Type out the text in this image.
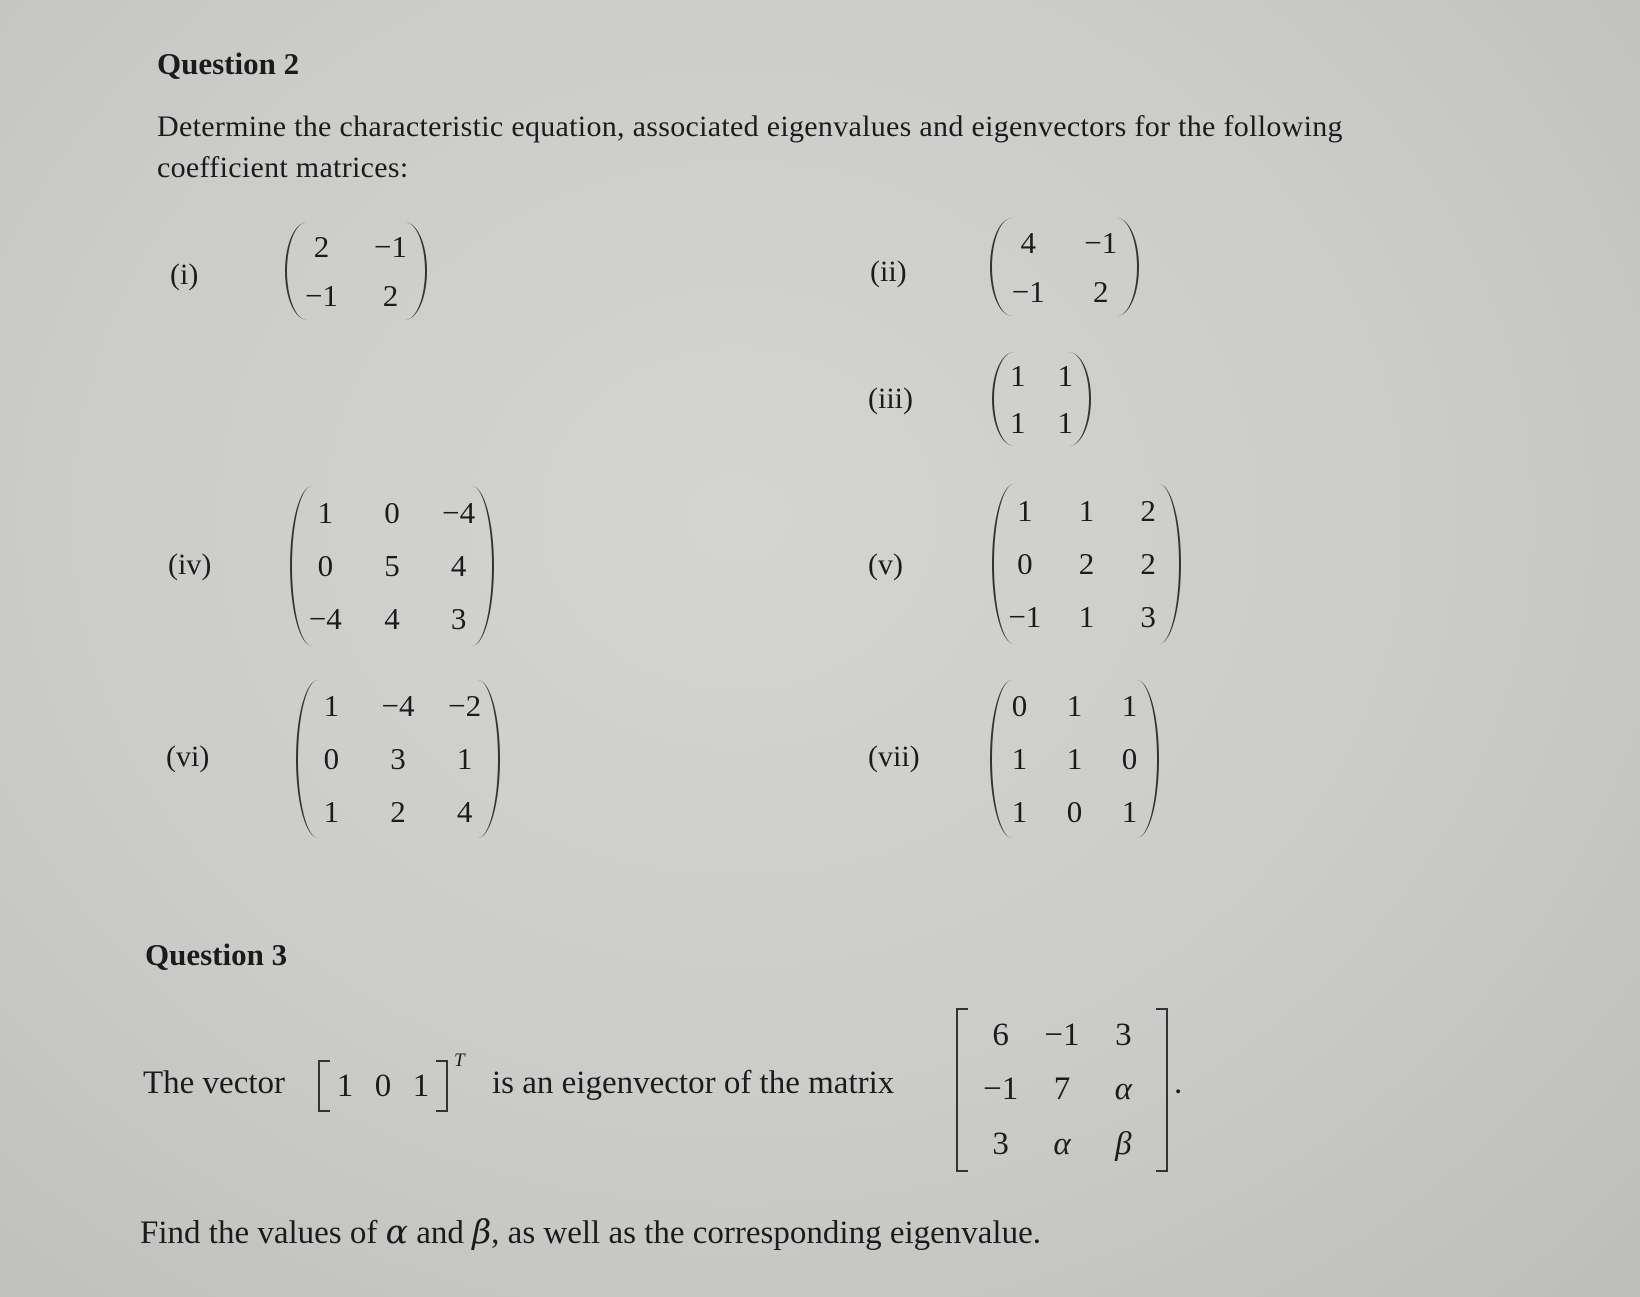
Question 2
Determine the characteristic equation, associated eigenvalues and eigenvectors for the following
coefficient matrices:
(i)
2	−1
−1	2
(ii)
4	−1
−1	2
(iii)
1	1
1	1
(iv)
1	0	−4
0	5	4
−4	4	3
(v)
1	1	2
0	2	2
−1	1	3
(vi)
1	−4	−2
0	3	1
1	2	4
(vii)
0	1	1
1	1	0
1	0	1
Question 3
The vector	1 0 1
T
is an eigenvector of the matrix
6	−1	3
−1	7	α
3	α	β
.
Find the values of α and β, as well as the corresponding eigenvalue.
